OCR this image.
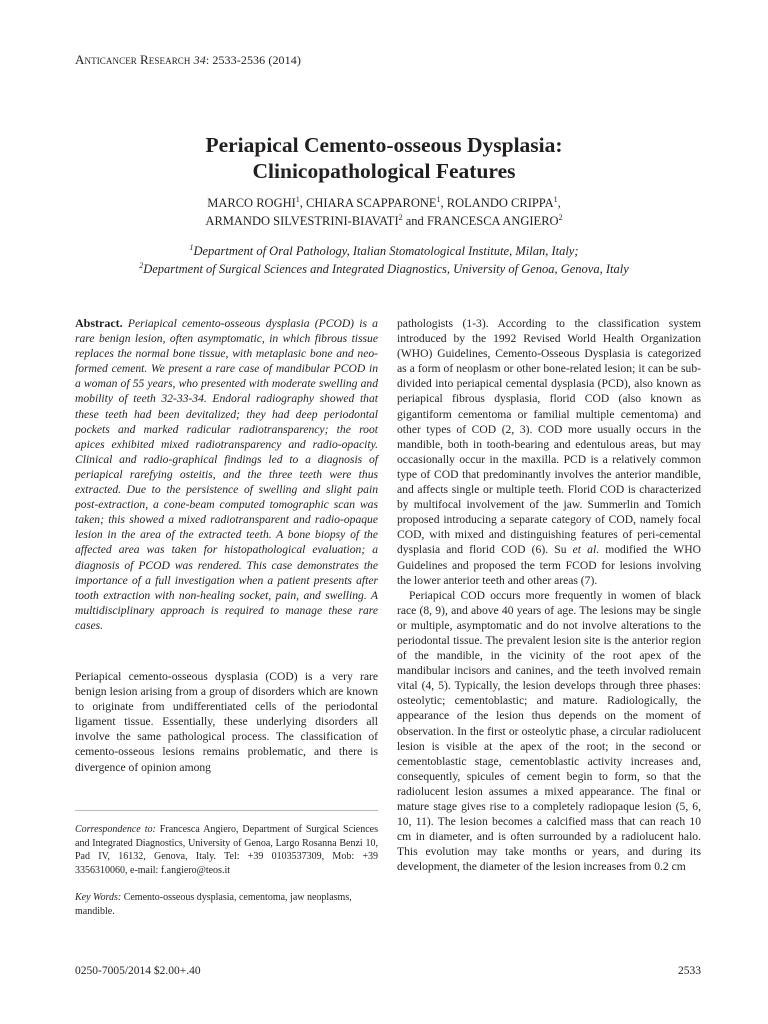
Anticancer Research 34: 2533-2536 (2014)
Periapical Cemento-osseous Dysplasia:
Clinicopathological Features
MARCO ROGHI$^1$, CHIARA SCAPPARONE$^1$, ROLANDO CRIPPA$^1$,
ARMANDO SILVESTRINI-BIAVATI$^2$ and FRANCESCA ANGIERO$^2$
$^1$Department of Oral Pathology, Italian Stomatological Institute, Milan, Italy;
$^2$Department of Surgical Sciences and Integrated Diagnostics, University of Genoa, Genova, Italy

Abstract. Periapical cemento-osseous dysplasia (PCOD) is a rare benign lesion, often asymptomatic, in which fibrous tissue replaces the normal bone tissue, with metaplasic bone and neo-formed cement. We present a rare case of mandibular PCOD in a woman of 55 years, who presented with moderate swelling and mobility of teeth 32-33-34. Endoral radiography showed that these teeth had been devitalized; they had deep periodontal pockets and marked radicular radiotransparency; the root apices exhibited mixed radiotransparency and radio-opacity. Clinical and radio-graphical findings led to a diagnosis of periapical rarefying osteitis, and the three teeth were thus extracted. Due to the persistence of swelling and slight pain post-extraction, a cone-beam computed tomographic scan was taken; this showed a mixed radiotransparent and radio-opaque lesion in the area of the extracted teeth. A bone biopsy of the affected area was taken for histopathological evaluation; a diagnosis of PCOD was rendered. This case demonstrates the importance of a full investigation when a patient presents after tooth extraction with non-healing socket, pain, and swelling. A multidisciplinary approach is required to manage these rare cases.

Periapical cemento-osseous dysplasia (COD) is a very rare benign lesion arising from a group of disorders which are known to originate from undifferentiated cells of the periodontal ligament tissue. Essentially, these underlying disorders all involve the same pathological process. The classification of cemento-osseous lesions remains problematic, and there is divergence of opinion among

Correspondence to: Francesca Angiero, Department of Surgical Sciences and Integrated Diagnostics, University of Genoa, Largo Rosanna Benzi 10, Pad IV, 16132, Genova, Italy. Tel: +39 0103537309, Mob: +39 3356310060, e-mail: f.angiero@teos.it
Key Words: Cemento-osseous dysplasia, cementoma, jaw neoplasms, mandible.

pathologists (1-3). According to the classification system introduced by the 1992 Revised World Health Organization (WHO) Guidelines, Cemento-Osseous Dysplasia is categorized as a form of neoplasm or other bone-related lesion; it can be sub-divided into periapical cemental dysplasia (PCD), also known as periapical fibrous dysplasia, florid COD (also known as gigantiform cementoma or familial multiple cementoma) and other types of COD (2, 3). COD more usually occurs in the mandible, both in tooth-bearing and edentulous areas, but may occasionally occur in the maxilla. PCD is a relatively common type of COD that predominantly involves the anterior mandible, and affects single or multiple teeth. Florid COD is characterized by multifocal involvement of the jaw. Summerlin and Tomich proposed introducing a separate category of COD, namely focal COD, with mixed and distinguishing features of peri-cemental dysplasia and florid COD (6). Su et al. modified the WHO Guidelines and proposed the term FCOD for lesions involving the lower anterior teeth and other areas (7).

Periapical COD occurs more frequently in women of black race (8, 9), and above 40 years of age. The lesions may be single or multiple, asymptomatic and do not involve alterations to the periodontal tissue. The prevalent lesion site is the anterior region of the mandible, in the vicinity of the root apex of the mandibular incisors and canines, and the teeth involved remain vital (4, 5). Typically, the lesion develops through three phases: osteolytic; cementoblastic; and mature. Radiologically, the appearance of the lesion thus depends on the moment of observation. In the first or osteolytic phase, a circular radiolucent lesion is visible at the apex of the root; in the second or cementoblastic stage, cementoblastic activity increases and, consequently, spicules of cement begin to form, so that the radiolucent lesion assumes a mixed appearance. The final or mature stage gives rise to a completely radiopaque lesion (5, 6, 10, 11). The lesion becomes a calcified mass that can reach 10 cm in diameter, and is often surrounded by a radiolucent halo. This evolution may take months or years, and during its development, the diameter of the lesion increases from 0.2 cm

0250-7005/2014 $2.00+.40	2533
